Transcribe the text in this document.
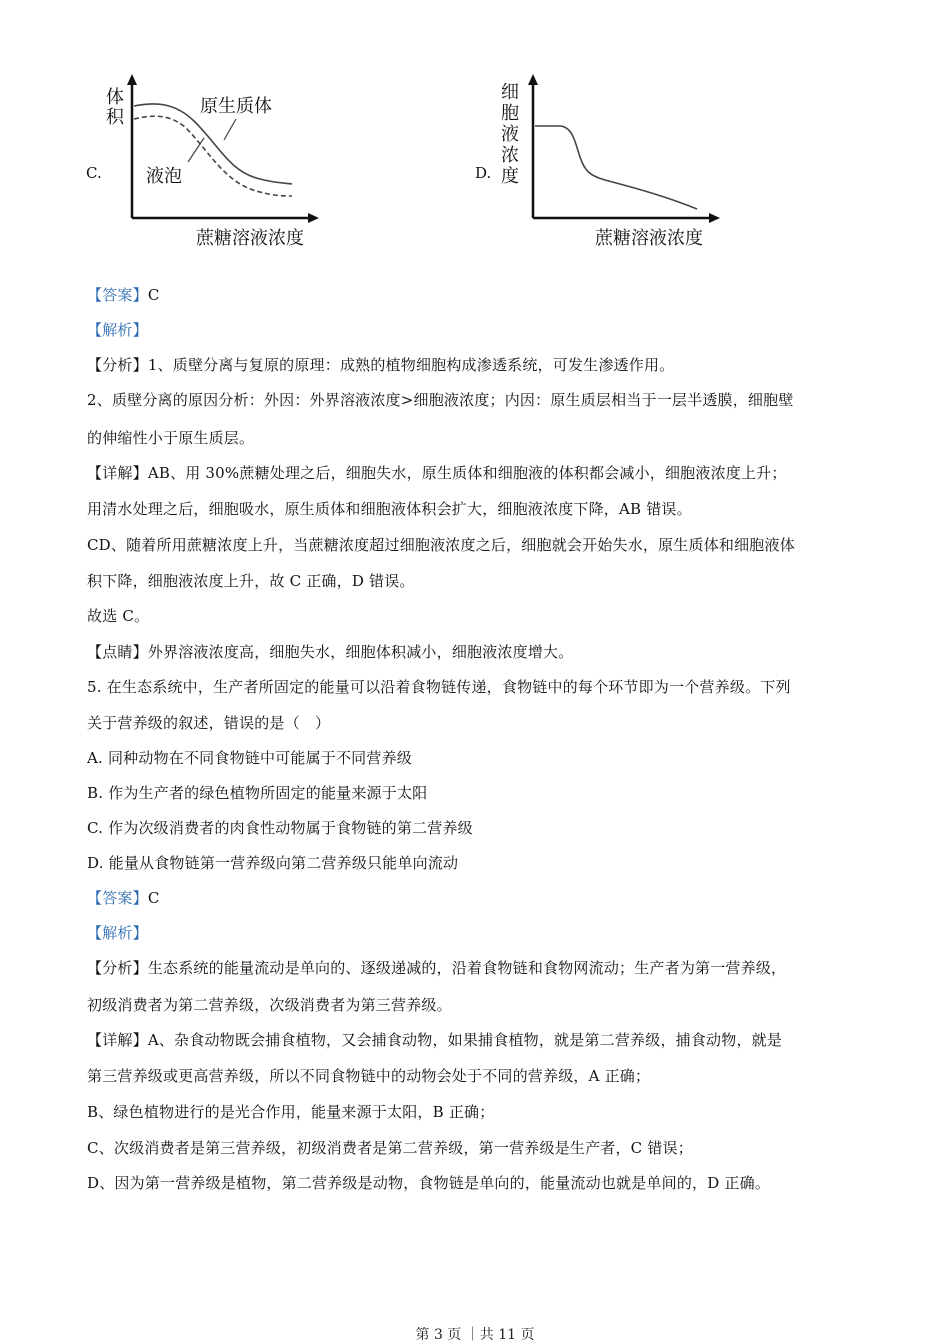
C.
体
积
原生质体
液泡
蔗糖溶液浓度
D.
细
胞
液
浓
度
蔗糖溶液浓度
【答案】C
【解析】
【分析】1、质壁分离与复原的原理：成熟的植物细胞构成渗透系统，可发生渗透作用。
2、质壁分离的原因分析：外因：外界溶液浓度>细胞液浓度；内因：原生质层相当于一层半透膜，细胞壁
的伸缩性小于原生质层。
【详解】AB、用 30%蔗糖处理之后，细胞失水，原生质体和细胞液的体积都会减小，细胞液浓度上升；
用清水处理之后，细胞吸水，原生质体和细胞液体积会扩大，细胞液浓度下降，AB 错误。
CD、随着所用蔗糖浓度上升，当蔗糖浓度超过细胞液浓度之后，细胞就会开始失水，原生质体和细胞液体
积下降，细胞液浓度上升，故 C 正确，D 错误。
故选 C。
【点睛】外界溶液浓度高，细胞失水，细胞体积减小，细胞液浓度增大。
5. 在生态系统中，生产者所固定的能量可以沿着食物链传递，食物链中的每个环节即为一个营养级。下列
关于营养级的叙述，错误的是（　）
A. 同种动物在不同食物链中可能属于不同营养级
B. 作为生产者的绿色植物所固定的能量来源于太阳
C. 作为次级消费者的肉食性动物属于食物链的第二营养级
D. 能量从食物链第一营养级向第二营养级只能单向流动
【答案】C
【解析】
【分析】生态系统的能量流动是单向的、逐级递减的，沿着食物链和食物网流动；生产者为第一营养级，
初级消费者为第二营养级，次级消费者为第三营养级。
【详解】A、杂食动物既会捕食植物，又会捕食动物，如果捕食植物，就是第二营养级，捕食动物，就是
第三营养级或更高营养级，所以不同食物链中的动物会处于不同的营养级，A 正确；
B、绿色植物进行的是光合作用，能量来源于太阳，B 正确；
C、次级消费者是第三营养级，初级消费者是第二营养级，第一营养级是生产者，C 错误；
D、因为第一营养级是植物，第二营养级是动物，食物链是单向的，能量流动也就是单间的，D 正确。
第 3 页 ｜共 11 页
